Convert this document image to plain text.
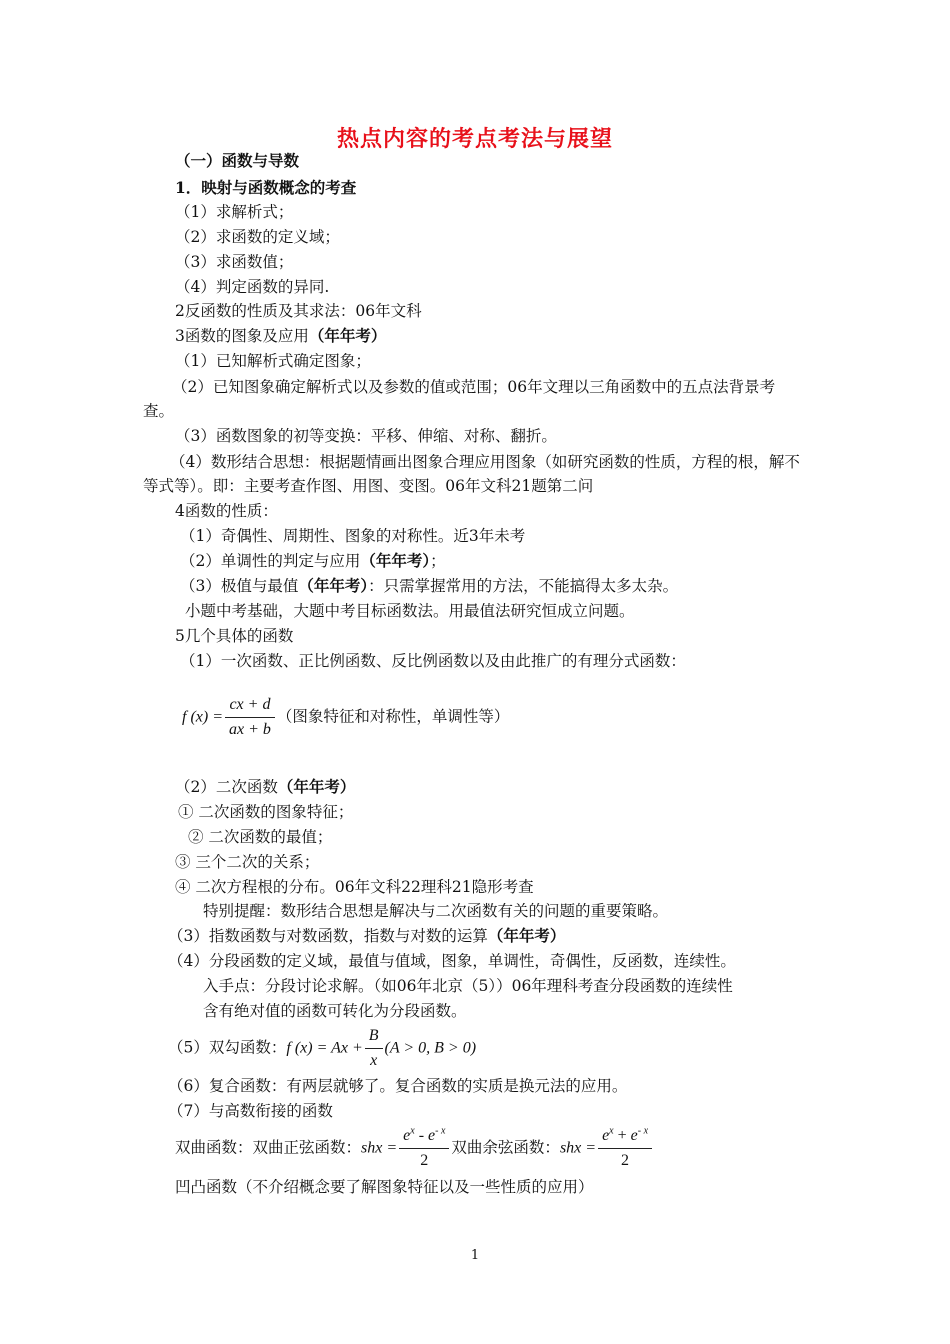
热点内容的考点考法与展望
（一）函数与导数
1．映射与函数概念的考查
（1）求解析式；
（2）求函数的定义域；
（3）求函数值；
（4）判定函数的异同.
2反函数的性质及其求法：06年文科
3函数的图象及应用（年年考）
（1）已知解析式确定图象；
（2）已知图象确定解析式以及参数的值或范围；06年文理以三角函数中的五点法背景考
查。
（3）函数图象的初等变换：平移、伸缩、对称、翻折。
（4）数形结合思想：根据题情画出图象合理应用图象（如研究函数的性质，方程的根，解不
等式等）。即：主要考查作图、用图、变图。06年文科21题第二问
4函数的性质：
（1）奇偶性、周期性、图象的对称性。近3年未考
（2）单调性的判定与应用（年年考）；
（3）极值与最值（年年考）：只需掌握常用的方法，不能搞得太多太杂。
小题中考基础，大题中考目标函数法。用最值法研究恒成立问题。
5几个具体的函数
（1）一次函数、正比例函数、反比例函数以及由此推广的有理分式函数：
f $(x) = \frac{cx + d}{ax + b}$ （图象特征和对称性，单调性等）
（2）二次函数（年年考）
① 二次函数的图象特征；
② 二次函数的最值；
③ 三个二次的关系；
④ 二次方程根的分布。06年文科22理科21隐形考查
特别提醒：数形结合思想是解决与二次函数有关的问题的重要策略。
（3）指数函数与对数函数，指数与对数的运算（年年考）
（4）分段函数的定义域，最值与值域，图象，单调性，奇偶性，反函数，连续性。
入手点：分段讨论求解。（如06年北京（5））06年理科考查分段函数的连续性
含有绝对值的函数可转化为分段函数。
（5）双勾函数：f $(x) = Ax + \frac{B}{x} (A > 0$, B > 0)
（6）复合函数：有两层就够了。复合函数的实质是换元法的应用。
（7）与高数衔接的函数
双曲函数：双曲正弦函数：shx = $\frac{e^x - e^{- x}}{2}$ 双曲余弦函数：shx = $\frac{e^x + e^{- x}}{2}$
凹凸函数（不介绍概念要了解图象特征以及一些性质的应用）
1
